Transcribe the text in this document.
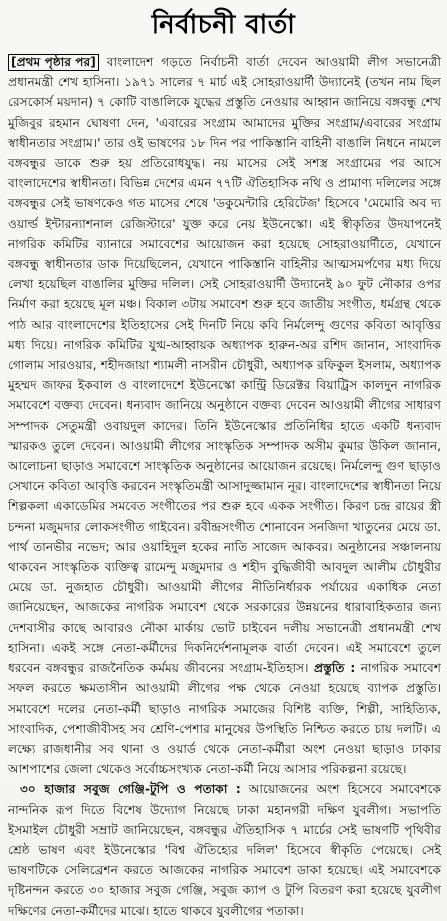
নির্বাচনী বার্তা

[প্রথম পৃষ্ঠার পর] বাংলাদেশ গড়তে নির্বাচনী বার্তা দেবেন আওয়ামী লীগ সভানেত্রী প্রধানমন্ত্রী শেখ হাসিনা। ১৯৭১ সালের ৭ মার্চ এই সোহরাওয়ার্দী উদ্যানেই (তখন নাম ছিল রেসকোর্স ময়দান) ৭ কোটি বাঙালিকে যুদ্ধের প্রস্তুতি নেওয়ার আহ্বান জানিয়ে বঙ্গবন্ধু শেখ মুজিবুর রহমান ঘোষণা দেন, 'এবারের সংগ্রাম আমাদের মুক্তির সংগ্রাম/এবারের সংগ্রাম স্বাধীনতার সংগ্রাম।' তার ওই ভাষণের ১৮ দিন পর পাকিস্তানি বাহিনী বাঙালি নিধনে নামলে বঙ্গবন্ধুর ডাকে শুরু হয় প্রতিরোধযুদ্ধ। নয় মাসের সেই সশস্ত্র সংগ্রামের পর আসে বাংলাদেশের স্বাধীনতা। বিভিন্ন দেশের এমন ৭৭টি ঐতিহাসিক নথি ও প্রামাণ্য দলিলের সঙ্গে বঙ্গবন্ধুর সেই ভাষণকেও গত মাসের শেষে 'ডকুমেন্টারি হেরিটেজ' হিসেবে 'মেমোরি অব দ্য ওয়ার্ল্ড ইন্টারন্যাশনাল রেজিস্টারে' যুক্ত করে নেয় ইউনেস্কো। এই স্বীকৃতির উদযাপনেই নাগরিক কমিটির ব্যানারে সমাবেশের আয়োজন করা হয়েছে সোহরাওয়ার্দীতে, যেখানে বঙ্গবন্ধু স্বাধীনতার ডাক দিয়েছিলেন, যেখানে পাকিস্তানি বাহিনীর আত্মসমর্পণের মধ্য দিয়ে লেখা হয়েছিল বাঙালির মুক্তির দলিল। সেই সোহরাওয়ার্দী উদ্যানেই ৯০ ফুট নৌকার ওপর নির্মাণ করা হয়েছে মূল মঞ্চ। বিকাল ৩টায় সমাবেশ শুরু হবে জাতীয় সংগীত, ধর্মগ্রন্থ থেকে পাঠ আর বাংলাদেশের ইতিহাসের সেই দিনটি নিয়ে কবি নির্মলেন্দু গুণের কবিতা আবৃত্তির মধ্য দিয়ে। নাগরিক কমিটির যুগ্ম-আহ্বায়ক অধ্যাপক হারুন-অর রশিদ জানান, সাংবাদিক গোলাম সারওয়ার, শহীদজায়া শ্যামলী নাসরীন চৌধুরী, অধ্যাপক রফিকুল ইসলাম, অধ্যাপক মুহম্মদ জাফর ইকবাল ও বাংলাদেশে ইউনেস্কো কান্ট্রি ডিরেক্টর বিয়াট্রিস কালদুন নাগরিক সমাবেশে বক্তব্য দেবেন। ধন্যবাদ জানিয়ে অনুষ্ঠানে বক্তব্য দেবেন আওয়ামী লীগের সাধারণ সম্পাদক সেতুমন্ত্রী ওবায়দুল কাদের। তিনি ইউনেস্কোর প্রতিনিধির হাতে একটি ধন্যবাদ স্মারকও তুলে দেবেন। আওয়ামী লীগের সাংস্কৃতিক সম্পাদক অসীম কুমার উকিল জানান, আলোচনা ছাড়াও সমাবেশে সাংস্কৃতিক অনুষ্ঠানের আয়োজন রয়েছে। নির্মলেন্দু গুণ ছাড়াও সেখানে কবিতা আবৃত্তি করবেন সংস্কৃতিমন্ত্রী আসাদুজ্জামান নূর। বাংলাদেশের স্বাধীনতা নিয়ে শিল্পকলা একাডেমির সমবেত সংগীতের পর শুরু হবে একক সংগীত। কিরণ চন্দ্র রায়ের স্ত্রী চন্দনা মজুমদার লোকসংগীত গাইবেন। রবীন্দ্রসংগীত শোনাবেন সনজিদা খাতুনের মেয়ে ডা. পার্থ তানভীর নভেদ; আর ওয়াহিদুল হকের নাতি সাজেদ আকবর। অনুষ্ঠানের সঞ্চালনায় থাকবেন সাংস্কৃতিক ব্যক্তিত্ব রামেন্দু মজুমদার ও শহীদ বুদ্ধিজীবী আবদুল আলীম চৌধুরীর মেয়ে ডা. নুজহাত চৌধুরী। আওয়ামী লীগের নীতিনির্ধারক পর্যায়ের একাধিক নেতা জানিয়েছেন, আজকের নাগরিক সমাবেশ থেকে সরকারের উন্নয়নের ধারাবাহিকতার জন্য দেশবাসীর কাছে আবারও নৌকা মার্কায় ভোট চাইবেন দলীয় সভানেত্রী প্রধানমন্ত্রী শেখ হাসিনা। একই সঙ্গে নেতা-কর্মীদের দিকনির্দেশনামূলক বার্তা দেবেন। এই সমাবেশে তুলে ধরবেন বঙ্গবন্ধুর রাজনৈতিক কর্মময় জীবনের সংগ্রাম-ইতিহাস। প্রস্তুতি : নাগরিক সমাবেশ সফল করতে ক্ষমতাসীন আওয়ামী লীগের পক্ষ থেকে নেওয়া হয়েছে ব্যাপক প্রস্তুতি। সমাবেশে দলের নেতা-কর্মী ছাড়াও নাগরিক সমাজের বিশিষ্ট ব্যক্তি, শিল্পী, সাহিত্যিক, সাংবাদিক, পেশাজীবীসহ সব শ্রেণি-পেশার মানুষের উপস্থিতি নিশ্চিত করতে চায় দলটি। এ লক্ষ্যে রাজধানীর সব থানা ও ওয়ার্ড থেকে নেতা-কর্মীরা অংশ নেওয়া ছাড়াও ঢাকার আশপাশের জেলা থেকেও সর্বোচ্চসংখ্যক নেতা-কর্মী নিয়ে আসার পরিকল্পনা রয়েছে।

৩০ হাজার সবুজ গেঞ্জি-টুপি ও পতাকা : আয়োজনের অংশ হিসেবে সমাবেশকে নান্দনিক রূপ দিতে বিশেষ উদ্যোগ নিয়েছে ঢাকা মহানগরী দক্ষিণ যুবলীগ। সভাপতি ইসমাইল চৌধুরী সম্রাট জানিয়েছেন, বঙ্গবন্ধুর ঐতিহাসিক ৭ মার্চের সেই ভাষণটি পৃথিবীর শ্রেষ্ঠ ভাষণ এবং ইউনেস্কোর 'বিশ্ব ঐতিহ্যের দলিল' হিসেবে স্বীকৃতি পেয়েছে। সেই ভাষণটিকে সেলিব্রেশন করতে আজকের নাগরিক সমাবেশ ডাকা হয়েছে। এই সমাবেশকে দৃষ্টিনন্দন করতে ৩০ হাজার সবুজ গেঞ্জি, সবুজ ক্যাপ ও টুপি বিতরণ করা হয়েছে যুবলীগ দক্ষিণের নেতা-কর্মীদের মাঝে। হাতে থাকবে যুবলীগের পতাকা।
